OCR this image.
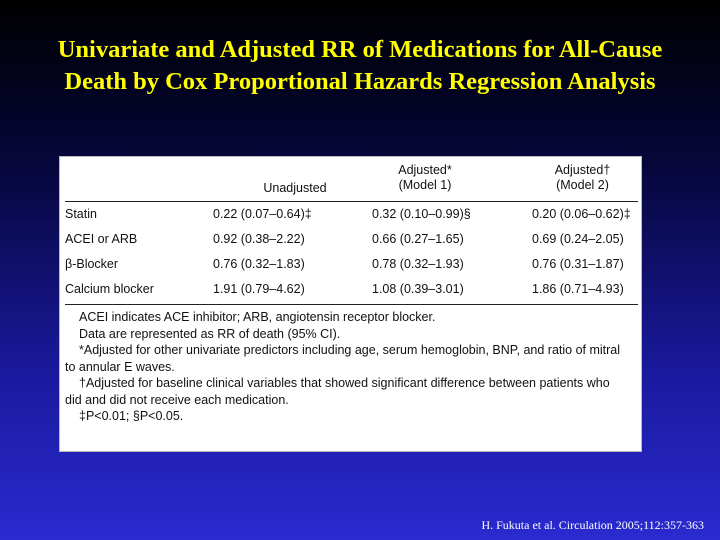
Univariate and Adjusted RR of Medications for All-Cause
Death by Cox Proportional Hazards Regression Analysis
Unadjusted
Adjusted*
(Model 1)
Adjusted†
(Model 2)
Statin	0.22 (0.07–0.64)‡	0.32 (0.10–0.99)§	0.20 (0.06–0.62)‡
ACEI or ARB	0.92 (0.38–2.22)	0.66 (0.27–1.65)	0.69 (0.24–2.05)
β-Blocker	0.76 (0.32–1.83)	0.78 (0.32–1.93)	0.76 (0.31–1.87)
Calcium blocker	1.91 (0.79–4.62)	1.08 (0.39–3.01)	1.86 (0.71–4.93)
ACEI indicates ACE inhibitor; ARB, angiotensin receptor blocker.
Data are represented as RR of death (95% CI).
*Adjusted for other univariate predictors including age, serum hemoglobin, BNP, and ratio of mitral
to annular E waves.
†Adjusted for baseline clinical variables that showed significant difference between patients who
did and did not receive each medication.
‡P<0.01; §P<0.05.
H. Fukuta et al. Circulation 2005;112:357-363
